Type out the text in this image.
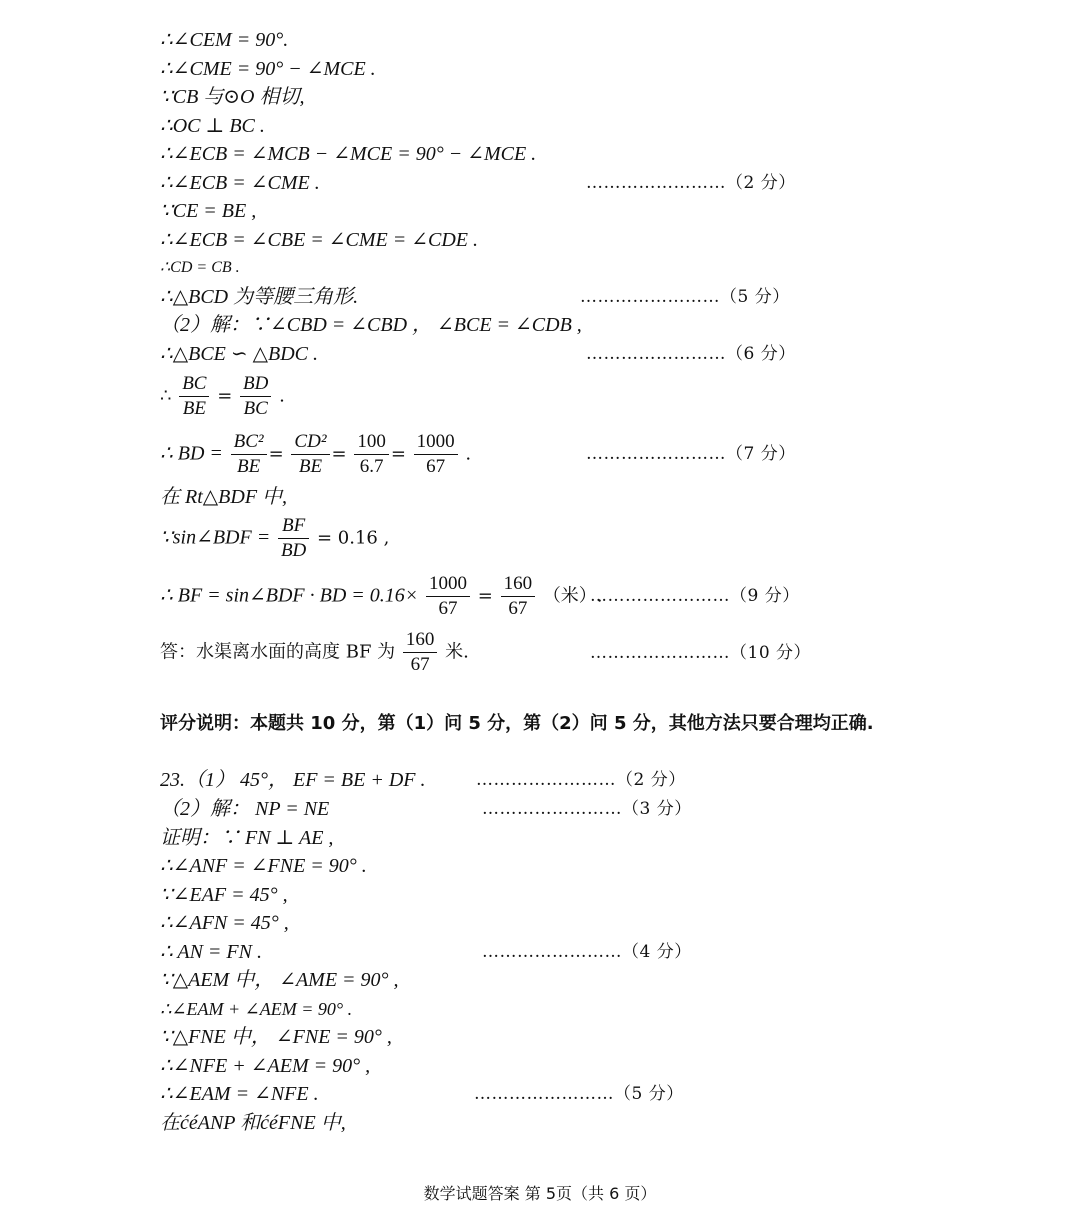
∴∠CEM = 90°.
∴∠CME = 90° − ∠MCE .
∵CB 与⊙O 相切,
∴OC ⊥ BC .
∴∠ECB = ∠MCB − ∠MCE = 90° − ∠MCE .
∴∠ECB = ∠CME .	……………………（2 分）
∵CE = BE ,
∴∠ECB = ∠CBE = ∠CME = ∠CDE .
∴CD = CB .
∴△BCD 为等腰三角形.	……………………（5 分）
（2）解：∵∠CBD = ∠CBD ， ∠BCE = ∠CDB ,
∴△BCE ∽ △BDC .	……………………（6 分）
∴ $\frac{BC}{BE} = \frac{BD}{BC}$ .
∴ BD = $\frac{\text{BC²}}{BE} = \frac{\text{CD²}}{BE} = \frac{100}{6.7} = \frac{1000}{67}$ .	……………………（7 分）
在 Rt△BDF 中,
∵sin∠BDF = $\frac{BF}{BD} = 0.16$ ,
∴ BF = sin∠BDF · BD = $0.16\times \frac{1000}{67} = \frac{160}{67}$ （米）.
……………………（9 分）
答：水渠离水面的高度 BF 为 $\frac{160}{67}$ 米.	……………………（10 分）
评分说明：本题共 10 分，第（1）问 5 分，第（2）问 5 分，其他方法只要合理均正确.
23.（1） 45°， EF = BE + DF .	……………………（2 分）
（2）解： NP = NE	……………………（3 分）
证明：∵ FN ⊥ AE ,
∴∠ANF = ∠FNE = 90° .
∵∠EAF = 45° ,
∴∠AFN = 45° ,
∴ AN = FN .	……………………（4 分）
∵△AEM 中， ∠AME = 90° ,
∴∠EAM + ∠AEM = 90° .
∵△FNE 中， ∠FNE = 90° ,
∴∠NFE + ∠AEM = 90° ,
∴∠EAM = ∠NFE .	……………………（5 分）
在ćéANP 和ćéFNE 中,
数学试题答案 第 5页（共 6 页）
